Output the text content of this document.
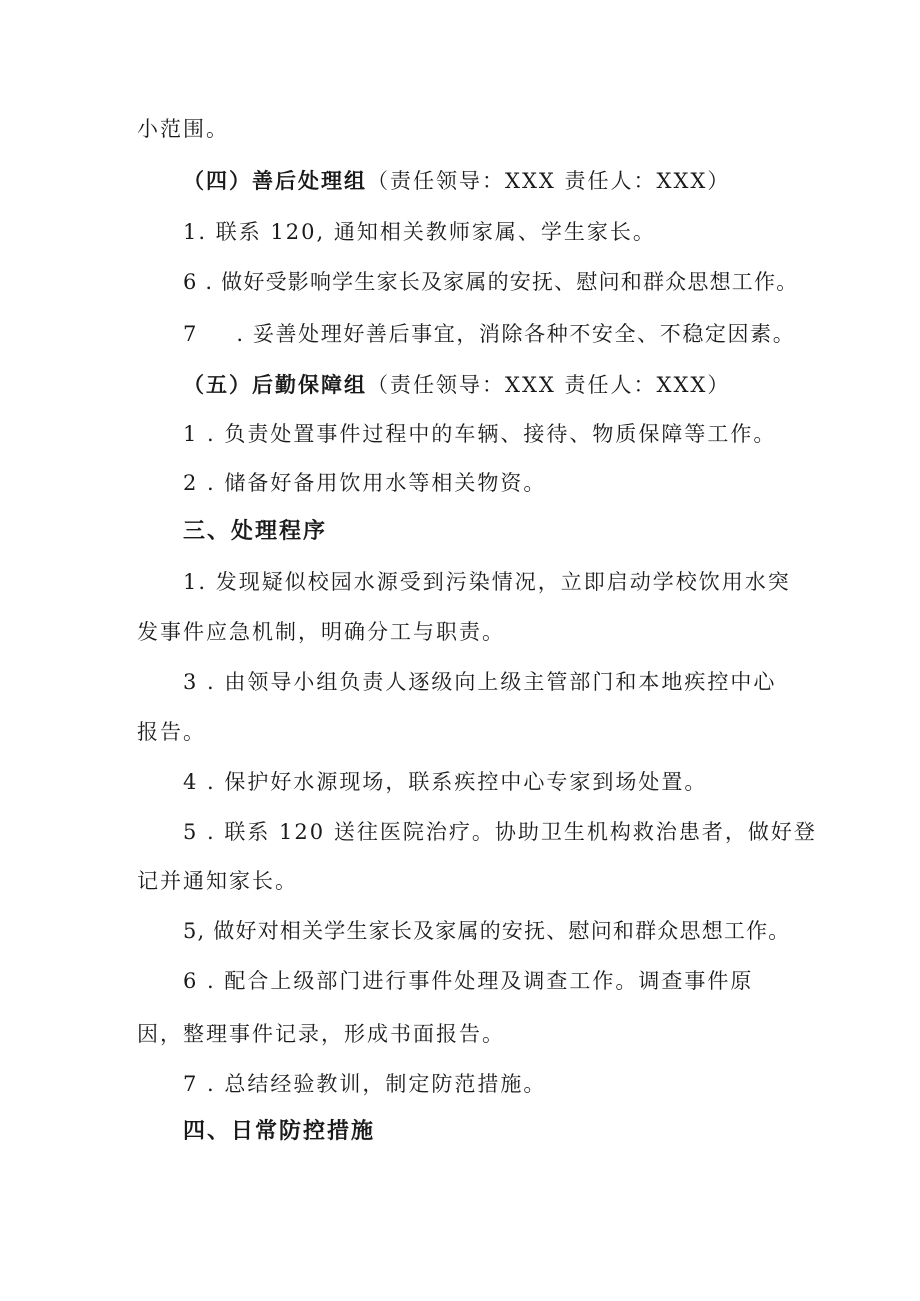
小范围。
（四）善后处理组（责任领导：XXX 责任人：XXX）
1. 联系 120, 通知相关教师家属、学生家长。
6 . 做好受影响学生家长及家属的安抚、慰问和群众思想工作。
7 . 妥善处理好善后事宜，消除各种不安全、不稳定因素。
（五）后勤保障组（责任领导：XXX 责任人：XXX）
1 . 负责处置事件过程中的车辆、接待、物质保障等工作。
2 . 储备好备用饮用水等相关物资。
三、处理程序
1. 发现疑似校园水源受到污染情况，立即启动学校饮用水突
发事件应急机制，明确分工与职责。
3 . 由领导小组负责人逐级向上级主管部门和本地疾控中心
报告。
4 . 保护好水源现场，联系疾控中心专家到场处置。
5 . 联系 120 送往医院治疗。协助卫生机构救治患者，做好登
记并通知家长。
5, 做好对相关学生家长及家属的安抚、慰问和群众思想工作。
6 . 配合上级部门进行事件处理及调查工作。调查事件原
因，整理事件记录，形成书面报告。
7 . 总结经验教训，制定防范措施。
四、日常防控措施
